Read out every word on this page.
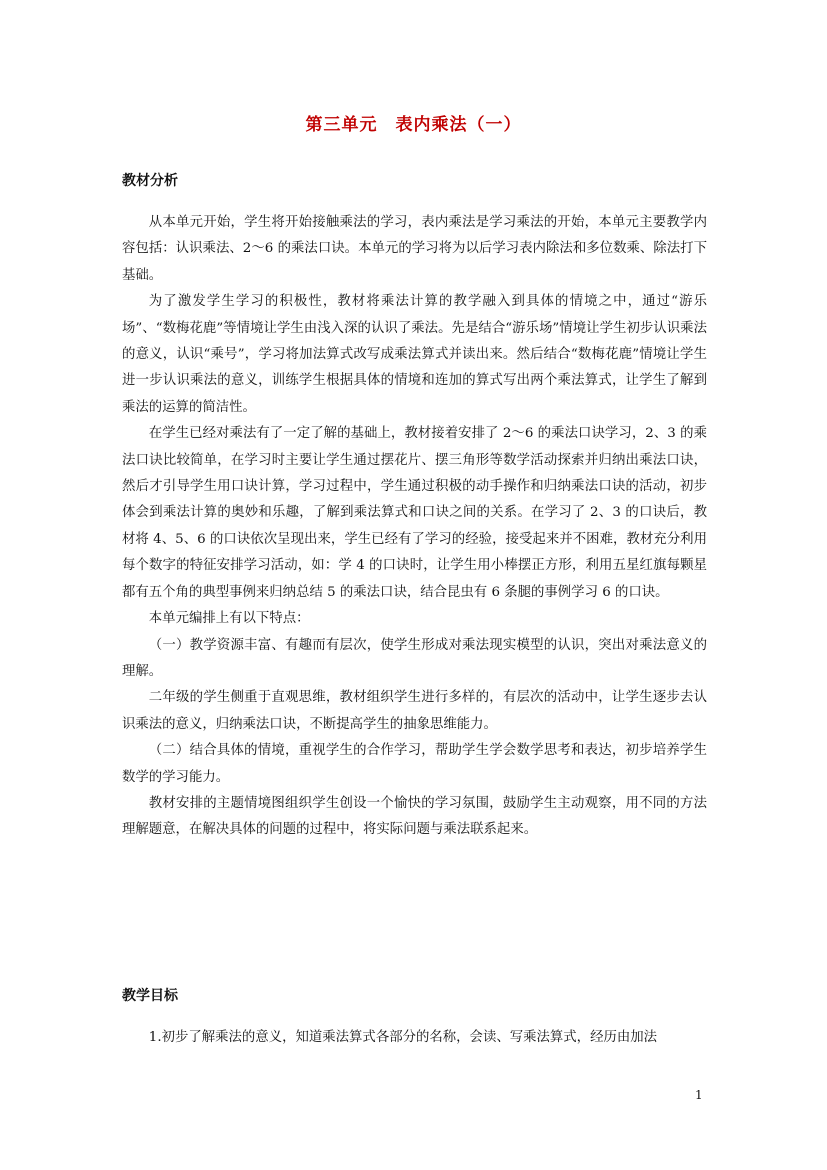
第三单元　表内乘法（一）
教材分析

从本单元开始，学生将开始接触乘法的学习，表内乘法是学习乘法的开始，本单元主要教学内容包括：认识乘法、2～6 的乘法口诀。本单元的学习将为以后学习表内除法和多位数乘、除法打下基础。

为了激发学生学习的积极性，教材将乘法计算的教学融入到具体的情境之中，通过“游乐场”、“数梅花鹿”等情境让学生由浅入深的认识了乘法。先是结合“游乐场”情境让学生初步认识乘法的意义，认识“乘号”，学习将加法算式改写成乘法算式并读出来。然后结合“数梅花鹿”情境让学生进一步认识乘法的意义，训练学生根据具体的情境和连加的算式写出两个乘法算式，让学生了解到乘法的运算的简洁性。

在学生已经对乘法有了一定了解的基础上，教材接着安排了 2～6 的乘法口诀学习，2、3 的乘法口诀比较简单，在学习时主要让学生通过摆花片、摆三角形等数学活动探索并归纳出乘法口诀，然后才引导学生用口诀计算，学习过程中，学生通过积极的动手操作和归纳乘法口诀的活动，初步体会到乘法计算的奥妙和乐趣，了解到乘法算式和口诀之间的关系。在学习了 2、3 的口诀后，教材将 4、5、6 的口诀依次呈现出来，学生已经有了学习的经验，接受起来并不困难，教材充分利用每个数字的特征安排学习活动，如：学 4 的口诀时，让学生用小棒摆正方形，利用五星红旗每颗星都有五个角的典型事例来归纳总结 5 的乘法口诀，结合昆虫有 6 条腿的事例学习 6 的口诀。

本单元编排上有以下特点：

（一）教学资源丰富、有趣而有层次，使学生形成对乘法现实模型的认识，突出对乘法意义的理解。

二年级的学生侧重于直观思维，教材组织学生进行多样的，有层次的活动中，让学生逐步去认识乘法的意义，归纳乘法口诀，不断提高学生的抽象思维能力。

（二）结合具体的情境，重视学生的合作学习，帮助学生学会数学思考和表达，初步培养学生数学的学习能力。

教材安排的主题情境图组织学生创设一个愉快的学习氛围，鼓励学生主动观察，用不同的方法理解题意，在解决具体的问题的过程中，将实际问题与乘法联系起来。

教学目标
1.初步了解乘法的意义，知道乘法算式各部分的名称，会读、写乘法算式，经历由加法
1
